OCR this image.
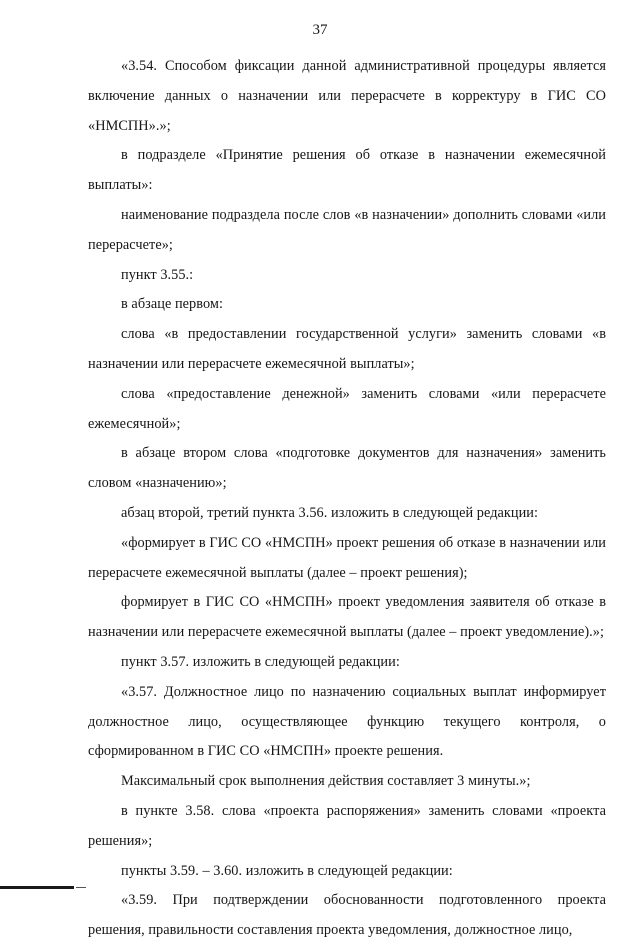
37

«3.54. Способом фиксации данной административной процедуры является включение данных о назначении или перерасчете в корректуру в ГИС СО «НМСПН».»;

в подразделе «Принятие решения об отказе в назначении ежемесячной выплаты»:

наименование подраздела после слов «в назначении» дополнить словами «или перерасчете»;

пункт 3.55.:

в абзаце первом:

слова «в предоставлении государственной услуги» заменить словами «в назначении или перерасчете ежемесячной выплаты»;

слова «предоставление денежной» заменить словами «или перерасчете ежемесячной»;

в абзаце втором слова «подготовке документов для назначения» заменить словом «назначению»;

абзац второй, третий пункта 3.56. изложить в следующей редакции:

«формирует в ГИС СО «НМСПН» проект решения об отказе в назначении или перерасчете ежемесячной выплаты (далее – проект решения);

формирует в ГИС СО «НМСПН» проект уведомления заявителя об отказе в назначении или перерасчете ежемесячной выплаты (далее – проект уведомление).»;

пункт 3.57. изложить в следующей редакции:

«3.57. Должностное лицо по назначению социальных выплат информирует должностное лицо, осуществляющее функцию текущего контроля, о сформированном в ГИС СО «НМСПН» проекте решения.

Максимальный срок выполнения действия составляет 3 минуты.»;

в пункте 3.58. слова «проекта распоряжения» заменить словами «проекта решения»;

пункты 3.59. – 3.60. изложить в следующей редакции:

«3.59. При подтверждении обоснованности подготовленного проекта решения, правильности составления проекта уведомления, должностное лицо,
